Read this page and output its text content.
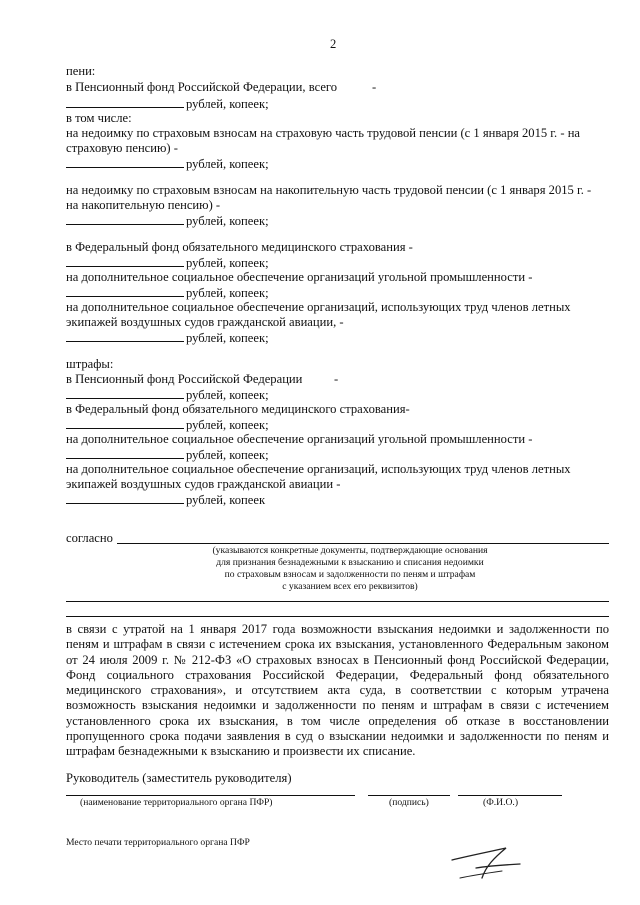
2
пени:
в Пенсионный фонд Российской Федерации, всего	-
рублей, копеек;
в том числе:
на недоимку по страховым взносам на страховую часть трудовой пенсии (с 1 января 2015 г. - на
страховую пенсию) -
рублей, копеек;
на недоимку по страховым взносам на накопительную часть трудовой пенсии (с 1 января 2015 г. -
на накопительную пенсию) -
рублей, копеек;
в Федеральный фонд обязательного медицинского страхования -
рублей, копеек;
на дополнительное социальное обеспечение организаций угольной промышленности -
рублей, копеек;
на дополнительное социальное обеспечение организаций, использующих труд членов летных
экипажей воздушных судов гражданской авиации, -
рублей, копеек;
штрафы:
в Пенсионный фонд Российской Федерации	-
рублей, копеек;
в Федеральный фонд обязательного медицинского страхования-
рублей, копеек;
на дополнительное социальное обеспечение организаций угольной промышленности -
рублей, копеек;
на дополнительное социальное обеспечение организаций, использующих труд членов летных
экипажей воздушных судов гражданской авиации -
рублей, копеек
согласно
(указываются конкретные документы, подтверждающие основания
для признания безнадежными к взысканию и списания недоимки
по страховым взносам и задолженности по пеням и штрафам
с указанием всех его реквизитов)
в связи с утратой на 1 января 2017 года возможности взыскания недоимки и задолженности по пеням и штрафам в связи с истечением срока их взыскания, установленного Федеральным законом от 24 июля 2009 г. № 212-ФЗ «О страховых взносах в Пенсионный фонд Российской Федерации, Фонд социального страхования Российской Федерации, Федеральный фонд обязательного медицинского страхования», и отсутствием акта суда, в соответствии с которым утрачена возможность взыскания недоимки и задолженности по пеням и штрафам в связи с истечением установленного срока их взыскания, в том числе определения об отказе в восстановлении пропущенного срока подачи заявления в суд о взыскании недоимки и задолженности по пеням и штрафам безнадежными к взысканию и произвести их списание.
Руководитель (заместитель руководителя)
(наименование территориального органа ПФР)	(подпись)	(Ф.И.О.)
Место печати территориального органа ПФР
